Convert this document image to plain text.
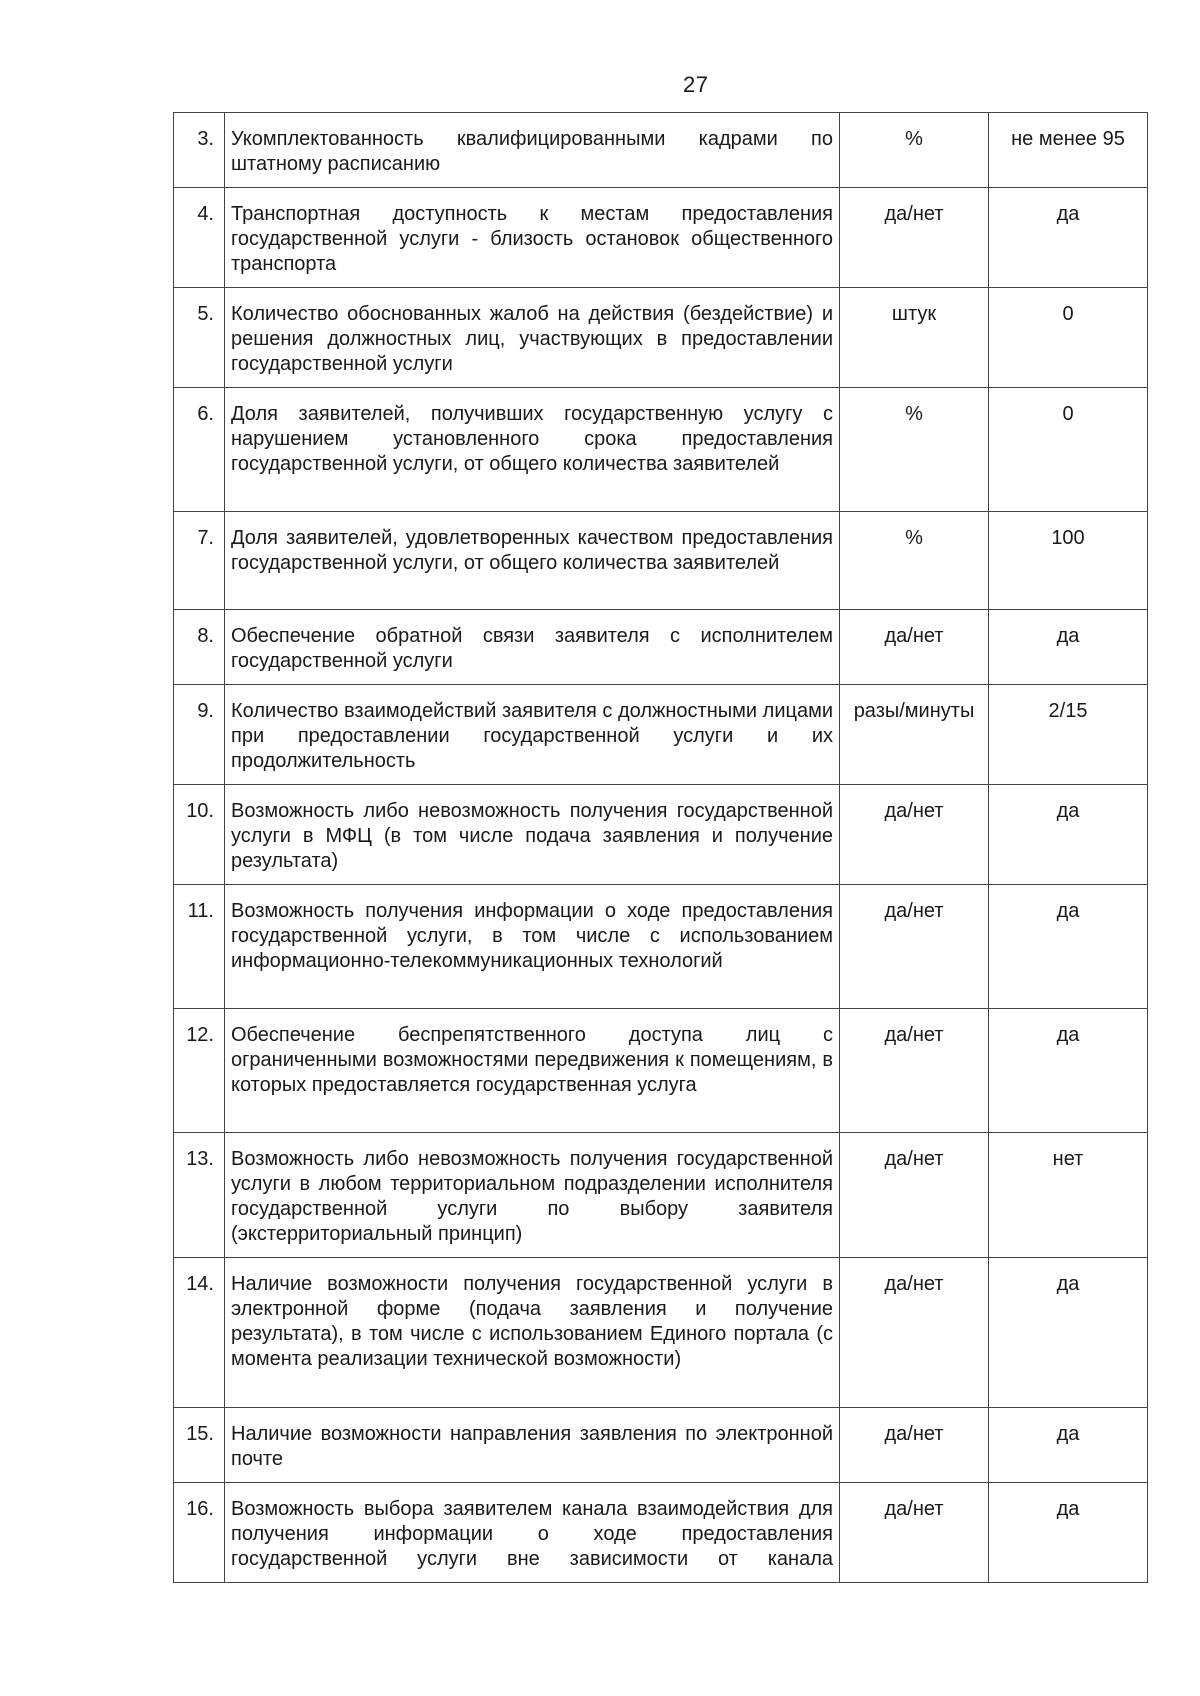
27
3.	Укомплектованность квалифицированными кадрами по штатному расписанию	%	не менее 95
4.	Транспортная доступность к местам предоставления государственной услуги - близость остановок общественного транспорта	да/нет	да
5.	Количество обоснованных жалоб на действия (бездействие) и решения должностных лиц, участвующих в предоставлении государственной услуги	штук	0
6.	Доля заявителей, получивших государственную услугу с нарушением установленного срока предоставления государственной услуги, от общего количества заявителей	%	0
7.	Доля заявителей, удовлетворенных качеством предоставления государственной услуги, от общего количества заявителей	%	100
8.	Обеспечение обратной связи заявителя с исполнителем государственной услуги	да/нет	да
9.	Количество взаимодействий заявителя с должностными лицами при предоставлении государственной услуги и их продолжительность	разы/минуты	2/15
10.	Возможность либо невозможность получения государственной услуги в МФЦ (в том числе подача заявления и получение результата)	да/нет	да
11.	Возможность получения информации о ходе предоставления государственной услуги, в том числе с использованием информационно-телекоммуникационных технологий	да/нет	да
12.	Обеспечение беспрепятственного доступа лиц с ограниченными возможностями передвижения к помещениям, в которых предоставляется государственная услуга	да/нет	да
13.	Возможность либо невозможность получения государственной услуги в любом территориальном подразделении исполнителя государственной услуги по выбору заявителя (экстерриториальный принцип)	да/нет	нет
14.	Наличие возможности получения государственной услуги в электронной форме (подача заявления и получение результата), в том числе с использованием Единого портала (с момента реализации технической возможности)	да/нет	да
15.	Наличие возможности направления заявления по электронной почте	да/нет	да
16.	Возможность выбора заявителем канала взаимодействия для получения информации о ходе предоставления государственной услуги вне зависимости от канала	да/нет	да
